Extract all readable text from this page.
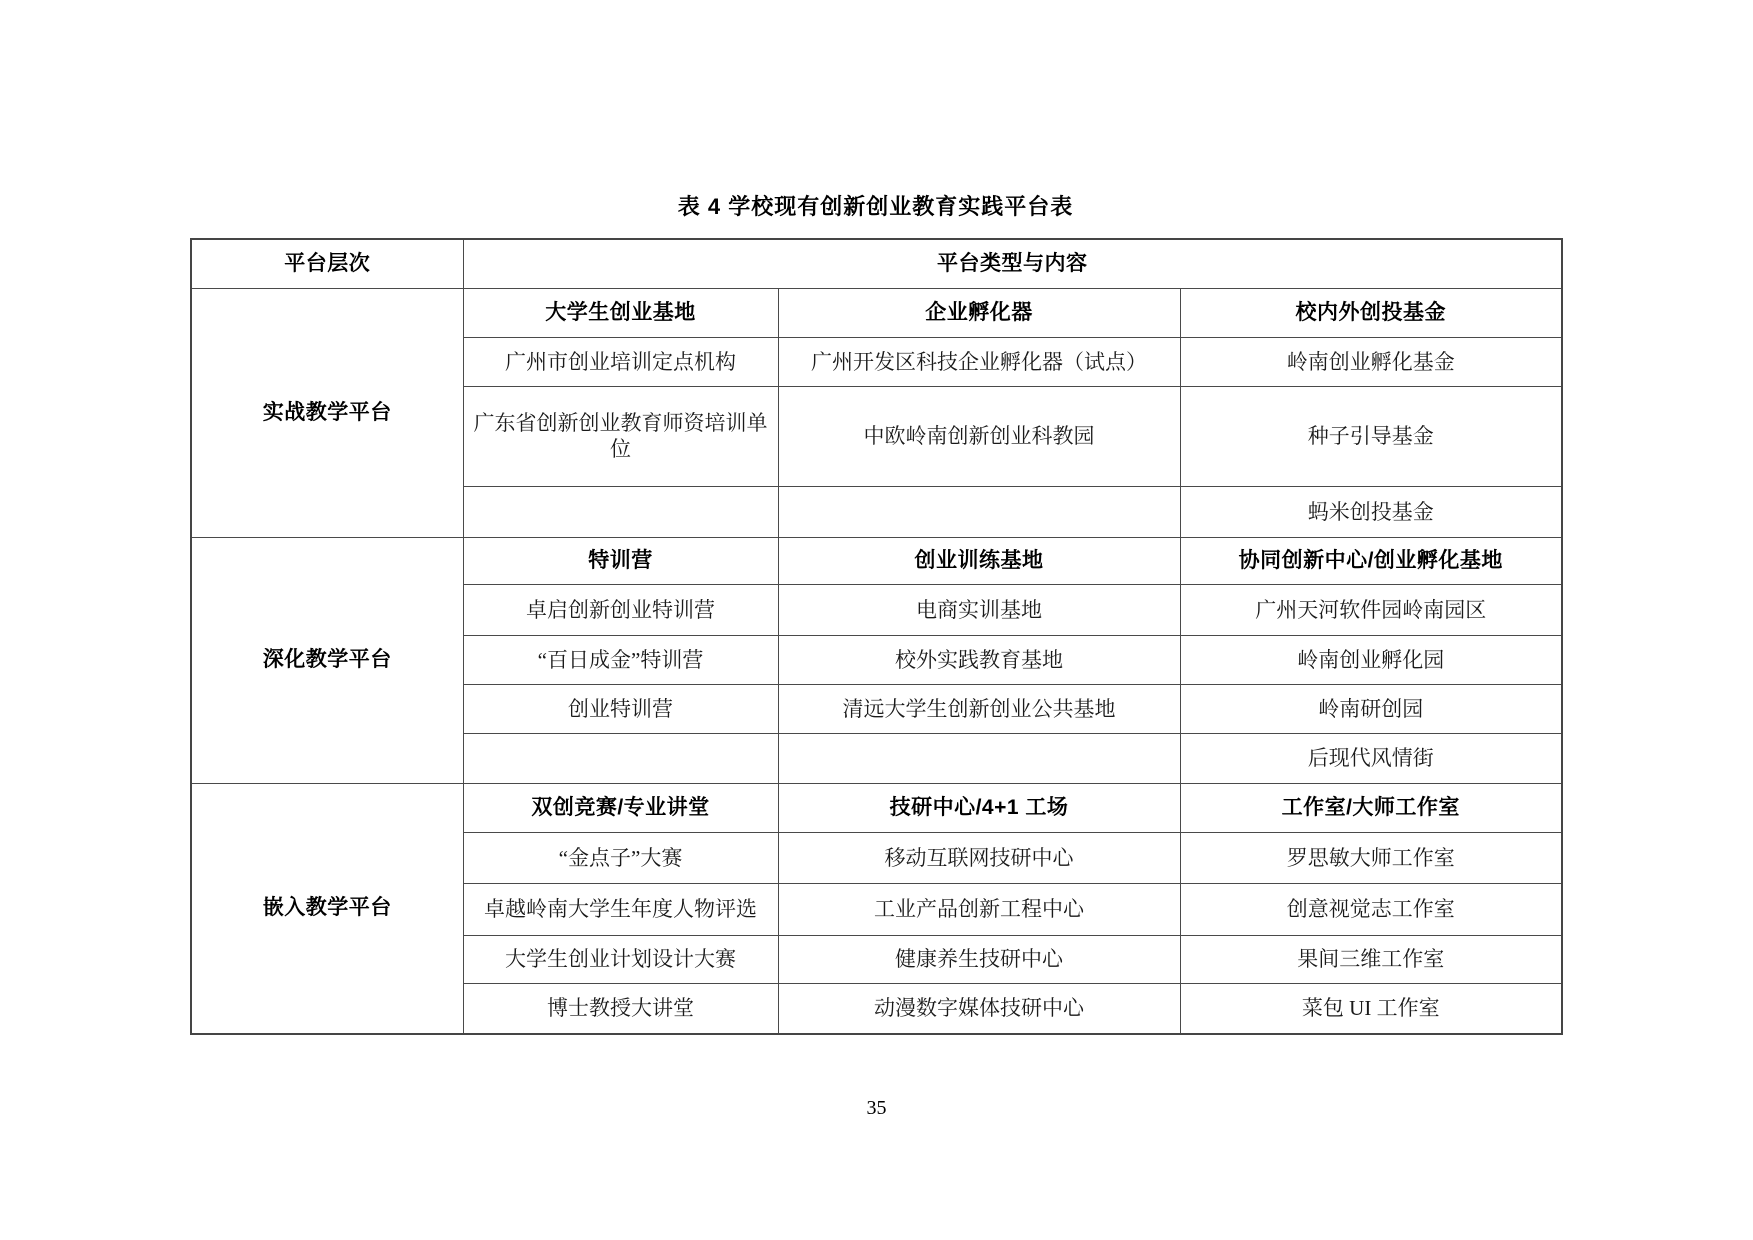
表 4 学校现有创新创业教育实践平台表
平台层次	平台类型与内容		
实战教学平台	大学生创业基地	企业孵化器	校内外创投基金
	广州市创业培训定点机构	广州开发区科技企业孵化器（试点）	岭南创业孵化基金
	广东省创新创业教育师资培训单位	中欧岭南创新创业科教园	种子引导基金
			蚂米创投基金
深化教学平台	特训营	创业训练基地	协同创新中心/创业孵化基地
	卓启创新创业特训营	电商实训基地	广州天河软件园岭南园区
	“百日成金”特训营	校外实践教育基地	岭南创业孵化园
	创业特训营	清远大学生创新创业公共基地	岭南研创园
			后现代风情街
嵌入教学平台	双创竞赛/专业讲堂	技研中心/4+1 工场	工作室/大师工作室
	“金点子”大赛	移动互联网技研中心	罗思敏大师工作室
	卓越岭南大学生年度人物评选	工业产品创新工程中心	创意视觉志工作室
	大学生创业计划设计大赛	健康养生技研中心	果间三维工作室
	博士教授大讲堂	动漫数字媒体技研中心	菜包 UI 工作室
35
